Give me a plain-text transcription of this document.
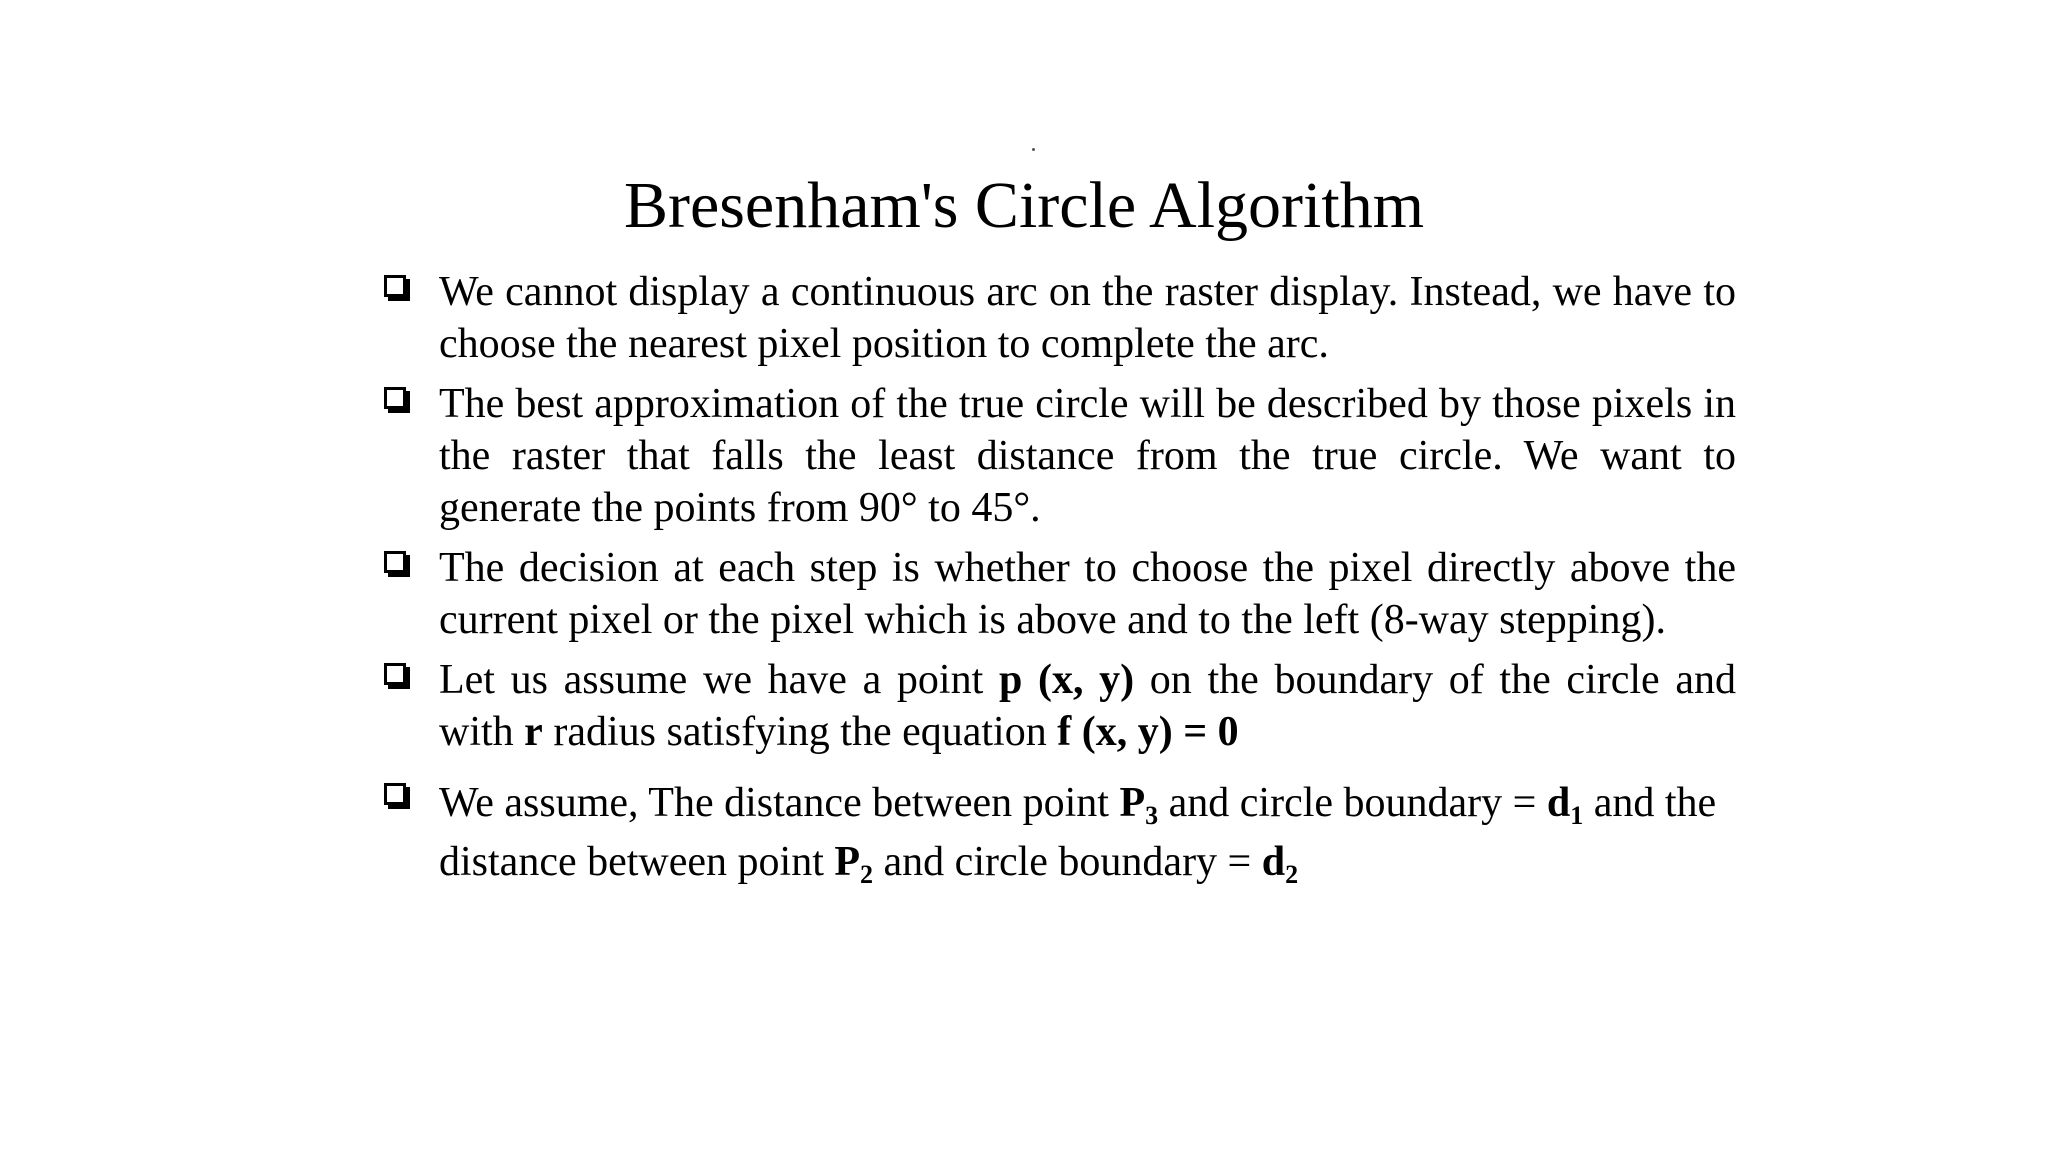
Bresenham's Circle Algorithm
We cannot display a continuous arc on the raster display. Instead, we have to choose the nearest pixel position to complete the arc.
The best approximation of the true circle will be described by those pixels in the raster that falls the least distance from the true circle. We want to generate the points from 90° to 45°.
The decision at each step is whether to choose the pixel directly above the current pixel or the pixel which is above and to the left (8-way stepping).
Let us assume we have a point p (x, y) on the boundary of the circle and with r radius satisfying the equation f (x, y) = 0
We assume, The distance between point $P_3$ and circle boundary = $d_1$ and the distance between point $P_2$ and circle boundary = $d_2$
